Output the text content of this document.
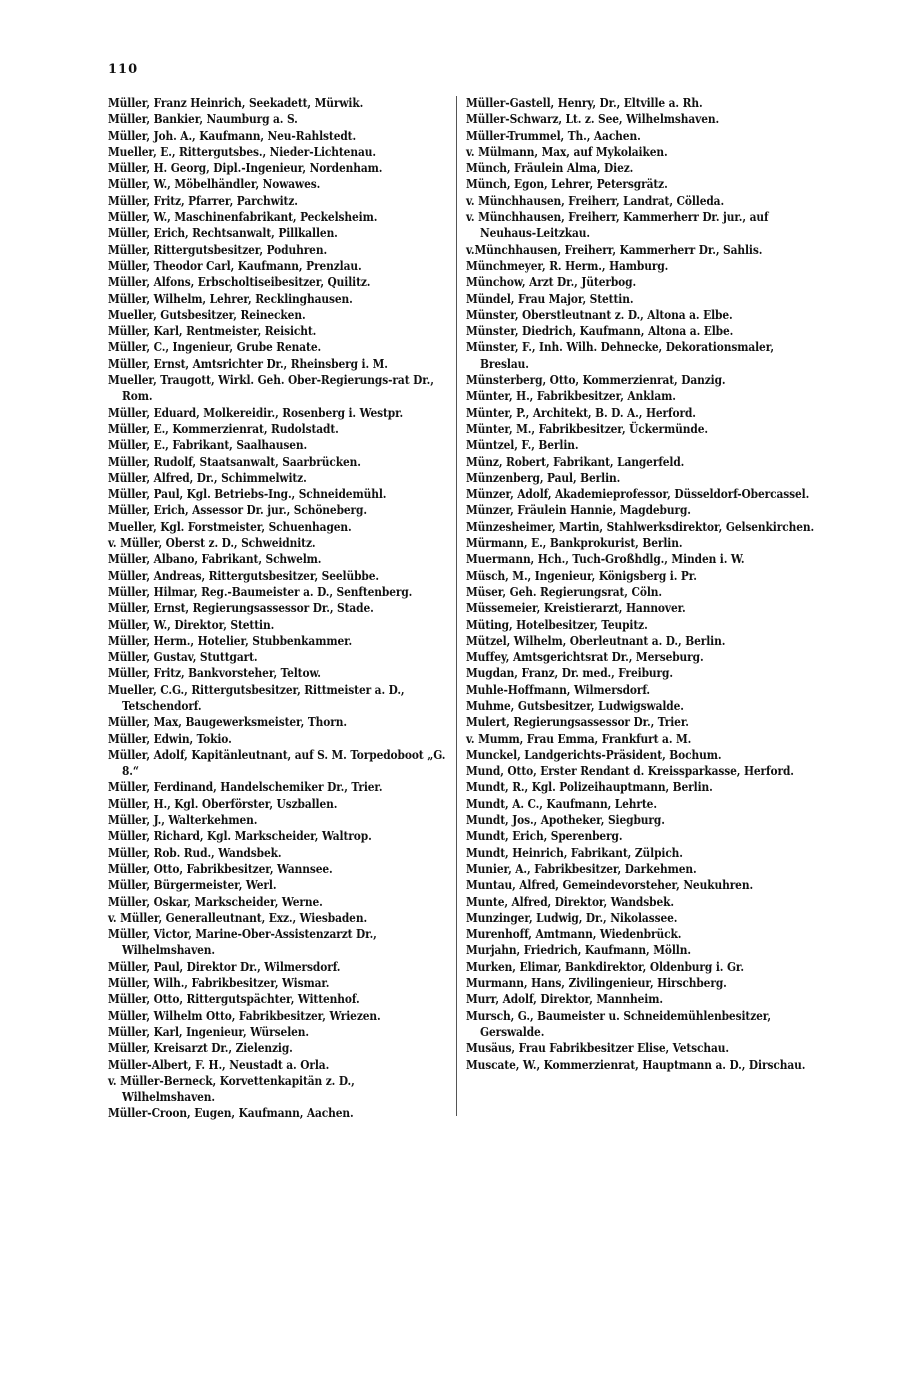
110
Müller, Franz Heinrich, Seekadett, Mürwik.
Müller, Bankier, Naumburg a. S.
Müller, Joh. A., Kaufmann, Neu-Rahlstedt.
Mueller, E., Rittergutsbes., Nieder-Lichtenau.
Müller, H. Georg, Dipl.-Ingenieur, Nordenham.
Müller, W., Möbelhändler, Nowawes.
Müller, Fritz, Pfarrer, Parchwitz.
Müller, W., Maschinenfabrikant, Peckelsheim.
Müller, Erich, Rechtsanwalt, Pillkallen.
Müller, Rittergutsbesitzer, Poduhren.
Müller, Theodor Carl, Kaufmann, Prenzlau.
Müller, Alfons, Erbscholtiseibesitzer, Quilitz.
Müller, Wilhelm, Lehrer, Recklinghausen.
Mueller, Gutsbesitzer, Reinecken.
Müller, Karl, Rentmeister, Reisicht.
Müller, C., Ingenieur, Grube Renate.
Müller, Ernst, Amtsrichter Dr., Rheinsberg i. M.
Mueller, Traugott, Wirkl. Geh. Ober-Regierungs-rat Dr., Rom.
Müller, Eduard, Molkereidir., Rosenberg i. Westpr.
Müller, E., Kommerzienrat, Rudolstadt.
Müller, E., Fabrikant, Saalhausen.
Müller, Rudolf, Staatsanwalt, Saarbrücken.
Müller, Alfred, Dr., Schimmelwitz.
Müller, Paul, Kgl. Betriebs-Ing., Schneidemühl.
Müller, Erich, Assessor Dr. jur., Schöneberg.
Mueller, Kgl. Forstmeister, Schuenhagen.
v. Müller, Oberst z. D., Schweidnitz.
Müller, Albano, Fabrikant, Schwelm.
Müller, Andreas, Rittergutsbesitzer, Seelübbe.
Müller, Hilmar, Reg.-Baumeister a. D., Senftenberg.
Müller, Ernst, Regierungsassessor Dr., Stade.
Müller, W., Direktor, Stettin.
Müller, Herm., Hotelier, Stubbenkammer.
Müller, Gustav, Stuttgart.
Müller, Fritz, Bankvorsteher, Teltow.
Mueller, C.G., Rittergutsbesitzer, Rittmeister a. D., Tetschendorf.
Müller, Max, Baugewerksmeister, Thorn.
Müller, Edwin, Tokio.
Müller, Adolf, Kapitänleutnant, auf S. M. Torpedoboot „G. 8.“
Müller, Ferdinand, Handelschemiker Dr., Trier.
Müller, H., Kgl. Oberförster, Uszballen.
Müller, J., Walterkehmen.
Müller, Richard, Kgl. Markscheider, Waltrop.
Müller, Rob. Rud., Wandsbek.
Müller, Otto, Fabrikbesitzer, Wannsee.
Müller, Bürgermeister, Werl.
Müller, Oskar, Markscheider, Werne.
v. Müller, Generalleutnant, Exz., Wiesbaden.
Müller, Victor, Marine-Ober-Assistenzarzt Dr., Wilhelmshaven.
Müller, Paul, Direktor Dr., Wilmersdorf.
Müller, Wilh., Fabrikbesitzer, Wismar.
Müller, Otto, Rittergutspächter, Wittenhof.
Müller, Wilhelm Otto, Fabrikbesitzer, Wriezen.
Müller, Karl, Ingenieur, Würselen.
Müller, Kreisarzt Dr., Zielenzig.
Müller-Albert, F. H., Neustadt a. Orla.
v. Müller-Berneck, Korvettenkapitän z. D., Wilhelmshaven.
Müller-Croon, Eugen, Kaufmann, Aachen.
Müller-Gastell, Henry, Dr., Eltville a. Rh.
Müller-Schwarz, Lt. z. See, Wilhelmshaven.
Müller-Trummel, Th., Aachen.
v. Mülmann, Max, auf Mykolaiken.
Münch, Fräulein Alma, Diez.
Münch, Egon, Lehrer, Petersgrätz.
v. Münchhausen, Freiherr, Landrat, Cölleda.
v. Münchhausen, Freiherr, Kammerherr Dr. jur., auf Neuhaus-Leitzkau.
v.Münchhausen, Freiherr, Kammerherr Dr., Sahlis.
Münchmeyer, R. Herm., Hamburg.
Münchow, Arzt Dr., Jüterbog.
Mündel, Frau Major, Stettin.
Münster, Oberstleutnant z. D., Altona a. Elbe.
Münster, Diedrich, Kaufmann, Altona a. Elbe.
Münster, F., Inh. Wilh. Dehnecke, Dekorationsmaler, Breslau.
Münsterberg, Otto, Kommerzienrat, Danzig.
Münter, H., Fabrikbesitzer, Anklam.
Münter, P., Architekt, B. D. A., Herford.
Münter, M., Fabrikbesitzer, Ückermünde.
Müntzel, F., Berlin.
Münz, Robert, Fabrikant, Langerfeld.
Münzenberg, Paul, Berlin.
Münzer, Adolf, Akademieprofessor, Düsseldorf-Obercassel.
Münzer, Fräulein Hannie, Magdeburg.
Münzesheimer, Martin, Stahlwerksdirektor, Gelsenkirchen.
Mürmann, E., Bankprokurist, Berlin.
Muermann, Hch., Tuch-Großhdlg., Minden i. W.
Müsch, M., Ingenieur, Königsberg i. Pr.
Müser, Geh. Regierungsrat, Cöln.
Müssemeier, Kreistierarzt, Hannover.
Müting, Hotelbesitzer, Teupitz.
Mützel, Wilhelm, Oberleutnant a. D., Berlin.
Muffey, Amtsgerichtsrat Dr., Merseburg.
Mugdan, Franz, Dr. med., Freiburg.
Muhle-Hoffmann, Wilmersdorf.
Muhme, Gutsbesitzer, Ludwigswalde.
Mulert, Regierungsassessor Dr., Trier.
v. Mumm, Frau Emma, Frankfurt a. M.
Munckel, Landgerichts-Präsident, Bochum.
Mund, Otto, Erster Rendant d. Kreissparkasse, Herford.
Mundt, R., Kgl. Polizeihauptmann, Berlin.
Mundt, A. C., Kaufmann, Lehrte.
Mundt, Jos., Apotheker, Siegburg.
Mundt, Erich, Sperenberg.
Mundt, Heinrich, Fabrikant, Zülpich.
Munier, A., Fabrikbesitzer, Darkehmen.
Muntau, Alfred, Gemeindevorsteher, Neukuhren.
Munte, Alfred, Direktor, Wandsbek.
Munzinger, Ludwig, Dr., Nikolassee.
Murenhoff, Amtmann, Wiedenbrück.
Murjahn, Friedrich, Kaufmann, Mölln.
Murken, Elimar, Bankdirektor, Oldenburg i. Gr.
Murmann, Hans, Zivilingenieur, Hirschberg.
Murr, Adolf, Direktor, Mannheim.
Mursch, G., Baumeister u. Schneidemühlenbesitzer, Gerswalde.
Musäus, Frau Fabrikbesitzer Elise, Vetschau.
Muscate, W., Kommerzienrat, Hauptmann a. D., Dirschau.
